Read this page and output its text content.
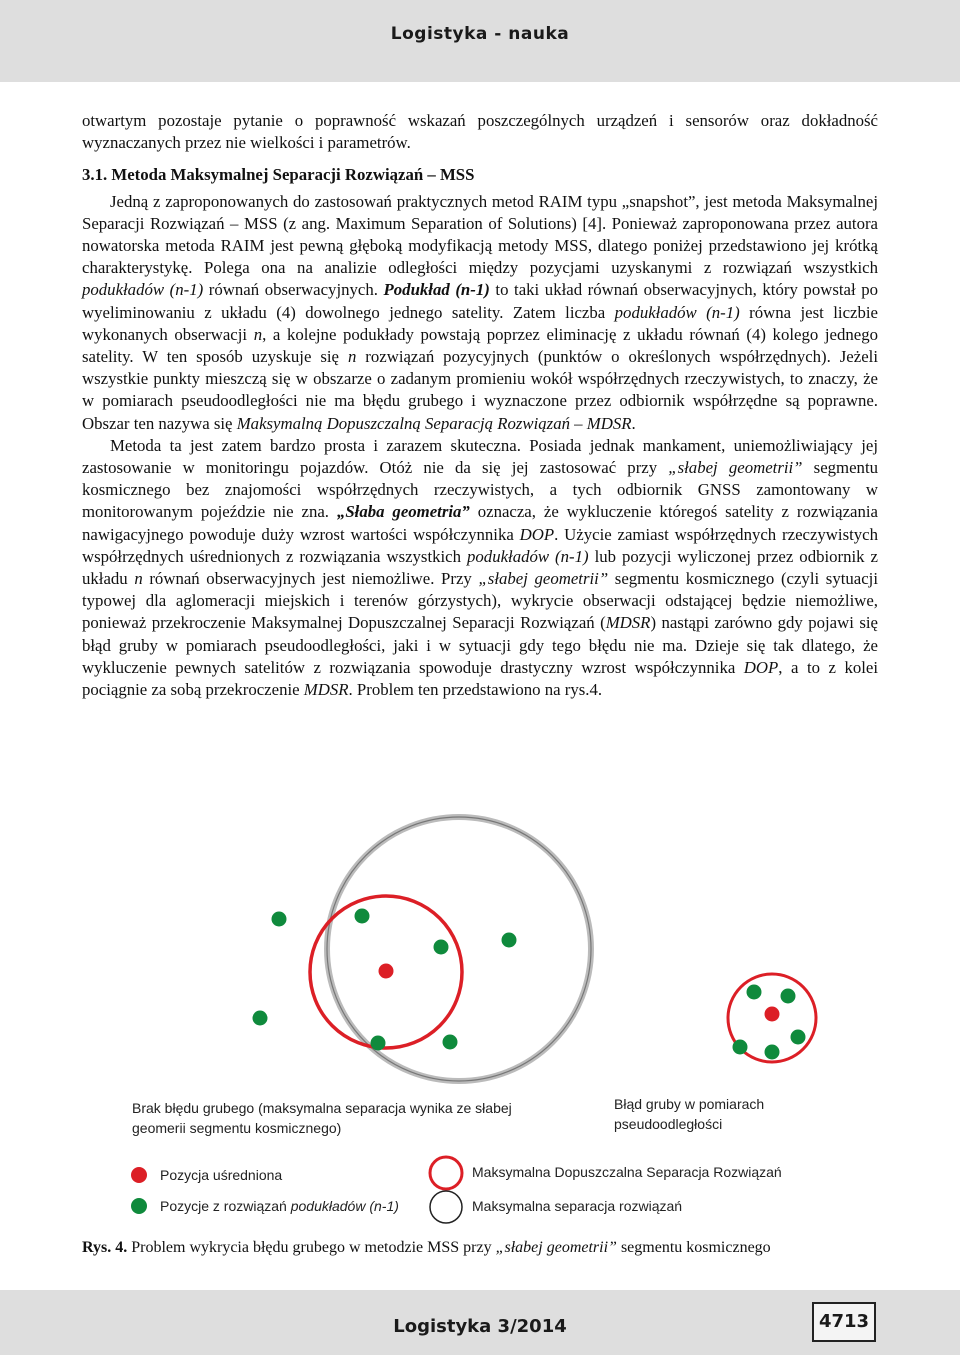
Logistyka - nauka

otwartym pozostaje pytanie o poprawność wskazań poszczególnych urządzeń i sensorów oraz dokładność wyznaczanych przez nie wielkości i parametrów.

3.1. Metoda Maksymalnej Separacji Rozwiązań – MSS

Jedną z zaproponowanych do zastosowań praktycznych metod RAIM typu „snapshot”, jest metoda Maksymalnej Separacji Rozwiązań – MSS (z ang. Maximum Separation of Solutions) [4]. Ponieważ zaproponowana przez autora nowatorska metoda RAIM jest pewną głęboką modyfikacją metody MSS, dlatego poniżej przedstawiono jej krótką charakterystykę. Polega ona na analizie odległości między pozycjami uzyskanymi z rozwiązań wszystkich podukładów (n-1) równań obserwacyjnych. Podukład (n-1) to taki układ równań obserwacyjnych, który powstał po wyeliminowaniu z układu (4) dowolnego jednego satelity. Zatem liczba podukładów (n-1) równa jest liczbie wykonanych obserwacji n, a kolejne podukłady powstają poprzez eliminację z układu równań (4) kolego jednego satelity. W ten sposób uzyskuje się n rozwiązań pozycyjnych (punktów o określonych współrzędnych). Jeżeli wszystkie punkty mieszczą się w obszarze o zadanym promieniu wokół współrzędnych rzeczywistych, to znaczy, że w pomiarach pseudoodległości nie ma błędu grubego i wyznaczone przez odbiornik współrzędne są poprawne. Obszar ten nazywa się Maksymalną Dopuszczalną Separacją Rozwiązań – MDSR.

Metoda ta jest zatem bardzo prosta i zarazem skuteczna. Posiada jednak mankament, uniemożliwiający jej zastosowanie w monitoringu pojazdów. Otóż nie da się jej zastosować przy „słabej geometrii” segmentu kosmicznego bez znajomości współrzędnych rzeczywistych, a tych odbiornik GNSS zamontowany w monitorowanym pojeździe nie zna. „Słaba geometria” oznacza, że wykluczenie któregoś satelity z rozwiązania nawigacyjnego powoduje duży wzrost wartości współczynnika DOP. Użycie zamiast współrzędnych rzeczywistych współrzędnych uśrednionych z rozwiązania wszystkich podukładów (n-1) lub pozycji wyliczonej przez odbiornik z układu n równań obserwacyjnych jest niemożliwe. Przy „słabej geometrii” segmentu kosmicznego (czyli sytuacji typowej dla aglomeracji miejskich i terenów górzystych), wykrycie obserwacji odstającej będzie niemożliwe, ponieważ przekroczenie Maksymalnej Dopuszczalnej Separacji Rozwiązań (MDSR) nastąpi zarówno gdy pojawi się błąd gruby w pomiarach pseudoodległości, jaki i w sytuacji gdy tego błędu nie ma. Dzieje się tak dlatego, że wykluczenie pewnych satelitów z rozwiązania spowoduje drastyczny wzrost współczynnika DOP, a to z kolei pociągnie za sobą przekroczenie MDSR. Problem ten przedstawiono na rys.4.

Brak błędu grubego (maksymalna separacja wynika ze słabej
geomerii segmentu kosmicznego)
Błąd gruby w pomiarach
pseudoodległości
Pozycja uśredniona
Pozycje z rozwiązań podukładów (n-1)
Maksymalna Dopuszczalna Separacja Rozwiązań
Maksymalna separacja rozwiązań
Rys. 4. Problem wykrycia błędu grubego w metodzie MSS przy „słabej geometrii” segmentu kosmicznego
Logistyka 3/2014	4713
